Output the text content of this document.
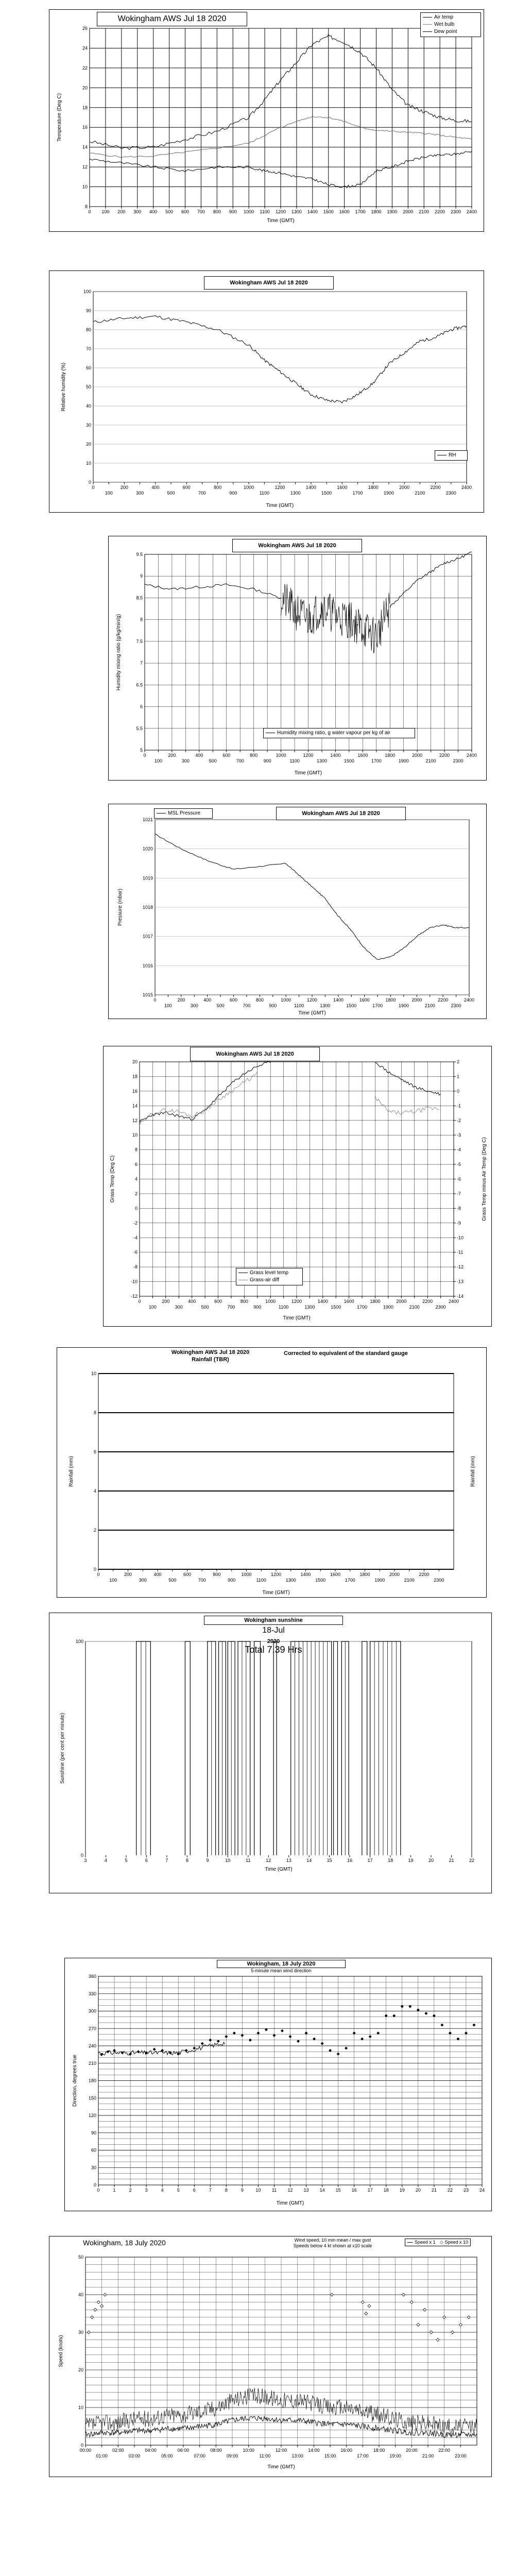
8
10
12
14
16
18
20
22
24
26
0 100 200 300 400 500 600 700 800 900 1000 1100 1200 1300 1400 1500 1600 1700 1800 1900 2000 2100 2200 2300 2400
Time (GMT)
Temperature (Deg C)
Wokingham AWS Jul 18 2020	Air temp
Wet bulb
Dew point
0
10
20
30
40
50
60
70
80
90
100
0
100
200
300
400
500
600
700
800
900
1000
1100
1200
1300
1400
1500
1600
1700
1800
1900
2000
2100
2200
2300
2400
Time (GMT)
Relative humidity (%)
Wokingham AWS Jul 18 2020
RH
5
5.5
6
6.5
7
7.5
8
8.5
9
9.5
0
100
200
300
400
500
600
700
800
900
1000
1100
1200
1300
1400
1500
1600
1700
1800
1900
2000
2100
2200
2300
2400
Time (GMT)
Humidity mixing ratio (g/kg/min/g)
Wokingham AWS Jul 18 2020
Humidity mixing ratio, g water vapour per kg of air
1015
1016
1017
1018
1019
1020
1021
0
100
200
300
400
500
600
700
800
900
1000
1100
1200
1300
1400
1500
1600
1700
1800
1900
2000
2100
2200
2300
2400
Time (GMT)
Pressure (mbar)
Wokingham AWS Jul 18 2020
MSL Pressure
-12
-10
-8
-6
-4
-2
0
2
4
6
8
10
12
14
16
18
20
0
100
200
300
400
500
600
700
800
900
1000
1100
1200
1300
1400
1500
1600
1700
1800
1900
2000
2100
2200
2300
2400
Time (GMT)
Grass Temp (Deg C)
-14
-13
-12
-11
-10
-9
-8
-7
-6
-5
-4
-3
-2
-1
0
1
2
Grass Temp minus Air Temp (Deg C)
Wokingham AWS Jul 18 2020
Grass level temp
Grass-air diff
0
2
4
6
8
10
0
100
200
300
400
500
600
700
800
900
1000
1100
1200
1300
1400
1500
1600
1700
1800
1900
2000
2100
2200
2300
Time (GMT)
Rainfall (mm)	Rainfall (mm)
Wokingham AWS Jul 18 2020
Rainfall (TBR)
Corrected to equivalent of the standard gauge
0
100
3	4	5	6	7	8	9	10	11	12	13	14	15	16	17	18	19	20	21	22
Time (GMT)
Sunshine (per cent per minute)
Wokingham sunshine
18-Jul
2020
Total 7.39 Hrs
0
30
60
90
120
150
180
210
240
270
300
330
360
0	1	2	3	4	5	6	7	8	9	10 11 12 13 14 15 16 17 18 19 20 21 22 23 24
Time (GMT)
Direction, degrees true
Wokingham, 18 July 2020
5-minute mean wind direction
0
10
20
30
40
50
00:00
01:00
02:00
03:00
04:00
05:00
06:00
07:00
08:00
09:00
10:00
11:00
12:00
13:00
14:00
15:00
16:00
17:00
18:00
19:00
20:00
21:00
22:00
23:00
Time (GMT)
Speed (knots)
Wokingham, 18 July 2020	Wind speed, 10 min mean / max gust
Speeds below 4 kt shown at x10 scale
Speed x 1 ◇ Speed x 10
